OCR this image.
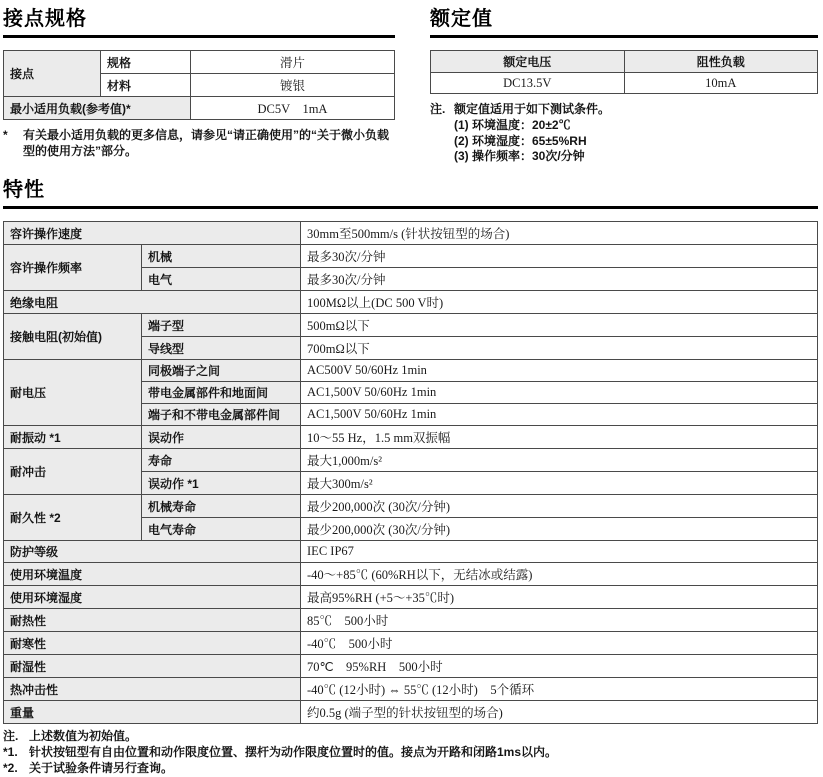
接点规格
接点	规格	滑片
	材料	镀银
最小适用负载(参考值)*		DC5V　1mA
*	有关最小适用负载的更多信息，请参见“请正确使用”的“关于微小负载型的使用方法”部分。
额定值
额定电压	阻性负载
DC13.5V	10mA
注. 额定值适用于如下测试条件。
(1) 环境温度：20±2℃
(2) 环境湿度：65±5%RH
(3) 操作频率：30次/分钟
特性
容许操作速度		30mm至500mm/s (针状按钮型的场合)
容许操作频率	机械	最多30次/分钟
	电气	最多30次/分钟
绝缘电阻		100MΩ以上(DC 500 V时)
接触电阻(初始值)	端子型	500mΩ以下
	导线型	700mΩ以下
耐电压	同极端子之间	AC500V 50/60Hz 1min
	带电金属部件和地面间	AC1,500V 50/60Hz 1min
	端子和不带电金属部件间	AC1,500V 50/60Hz 1min
耐振动 *1	误动作	10～55 Hz，1.5 mm双振幅
耐冲击	寿命	最大1,000m/s²
	误动作 *1	最大300m/s²
耐久性 *2	机械寿命	最少200,000次 (30次/分钟)
	电气寿命	最少200,000次 (30次/分钟)
防护等级		IEC IP67
使用环境温度		-40～+85℃ (60%RH以下，无结冰或结露)
使用环境湿度		最高95%RH (+5～+35℃时)
耐热性		85℃　500小时
耐寒性		-40℃　500小时
耐湿性		70℃　95%RH　500小时
热冲击性		-40℃ (12小时) ⇔ 55℃ (12小时)　5个循环
重量		约0.5g (端子型的针状按钮型的场合)
注. 上述数值为初始值。
*1. 针状按钮型有自由位置和动作限度位置、摆杆为动作限度位置时的值。接点为开路和闭路1ms以内。
*2. 关于试验条件请另行查询。
